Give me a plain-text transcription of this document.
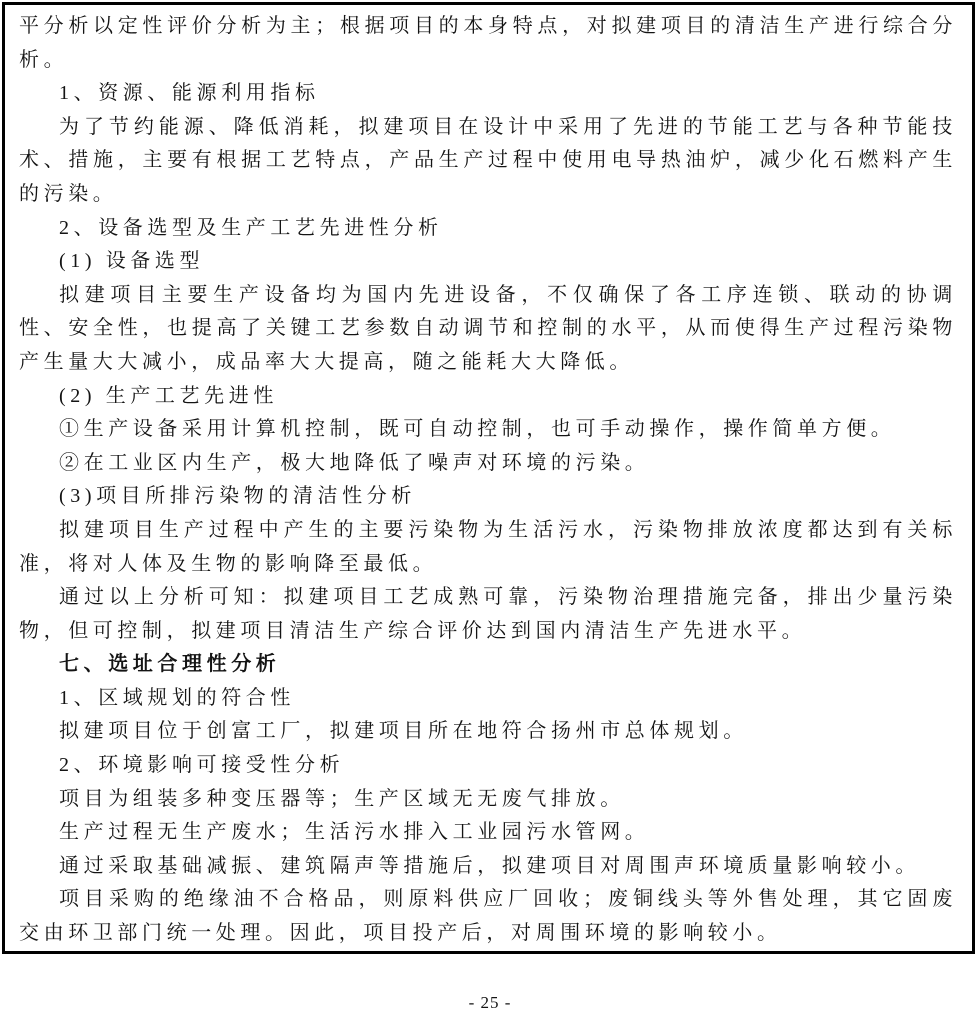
平分析以定性评价分析为主；根据项目的本身特点，对拟建项目的清洁生产进行综合分析。

1、资源、能源利用指标

为了节约能源、降低消耗，拟建项目在设计中采用了先进的节能工艺与各种节能技术、措施，主要有根据工艺特点，产品生产过程中使用电导热油炉，减少化石燃料产生的污染。

2、设备选型及生产工艺先进性分析

(1) 设备选型

拟建项目主要生产设备均为国内先进设备，不仅确保了各工序连锁、联动的协调性、安全性，也提高了关键工艺参数自动调节和控制的水平，从而使得生产过程污染物产生量大大减小，成品率大大提高，随之能耗大大降低。

(2) 生产工艺先进性

①生产设备采用计算机控制，既可自动控制，也可手动操作，操作简单方便。

②在工业区内生产，极大地降低了噪声对环境的污染。

(3)项目所排污染物的清洁性分析

拟建项目生产过程中产生的主要污染物为生活污水，污染物排放浓度都达到有关标准，将对人体及生物的影响降至最低。

通过以上分析可知：拟建项目工艺成熟可靠，污染物治理措施完备，排出少量污染物，但可控制，拟建项目清洁生产综合评价达到国内清洁生产先进水平。

七、选址合理性分析

1、区域规划的符合性

拟建项目位于创富工厂，拟建项目所在地符合扬州市总体规划。

2、环境影响可接受性分析

项目为组装多种变压器等；生产区域无无废气排放。

生产过程无生产废水；生活污水排入工业园污水管网。

通过采取基础减振、建筑隔声等措施后，拟建项目对周围声环境质量影响较小。

项目采购的绝缘油不合格品，则原料供应厂回收；废铜线头等外售处理，其它固废交由环卫部门统一处理。因此，项目投产后，对周围环境的影响较小。

- 25 -
